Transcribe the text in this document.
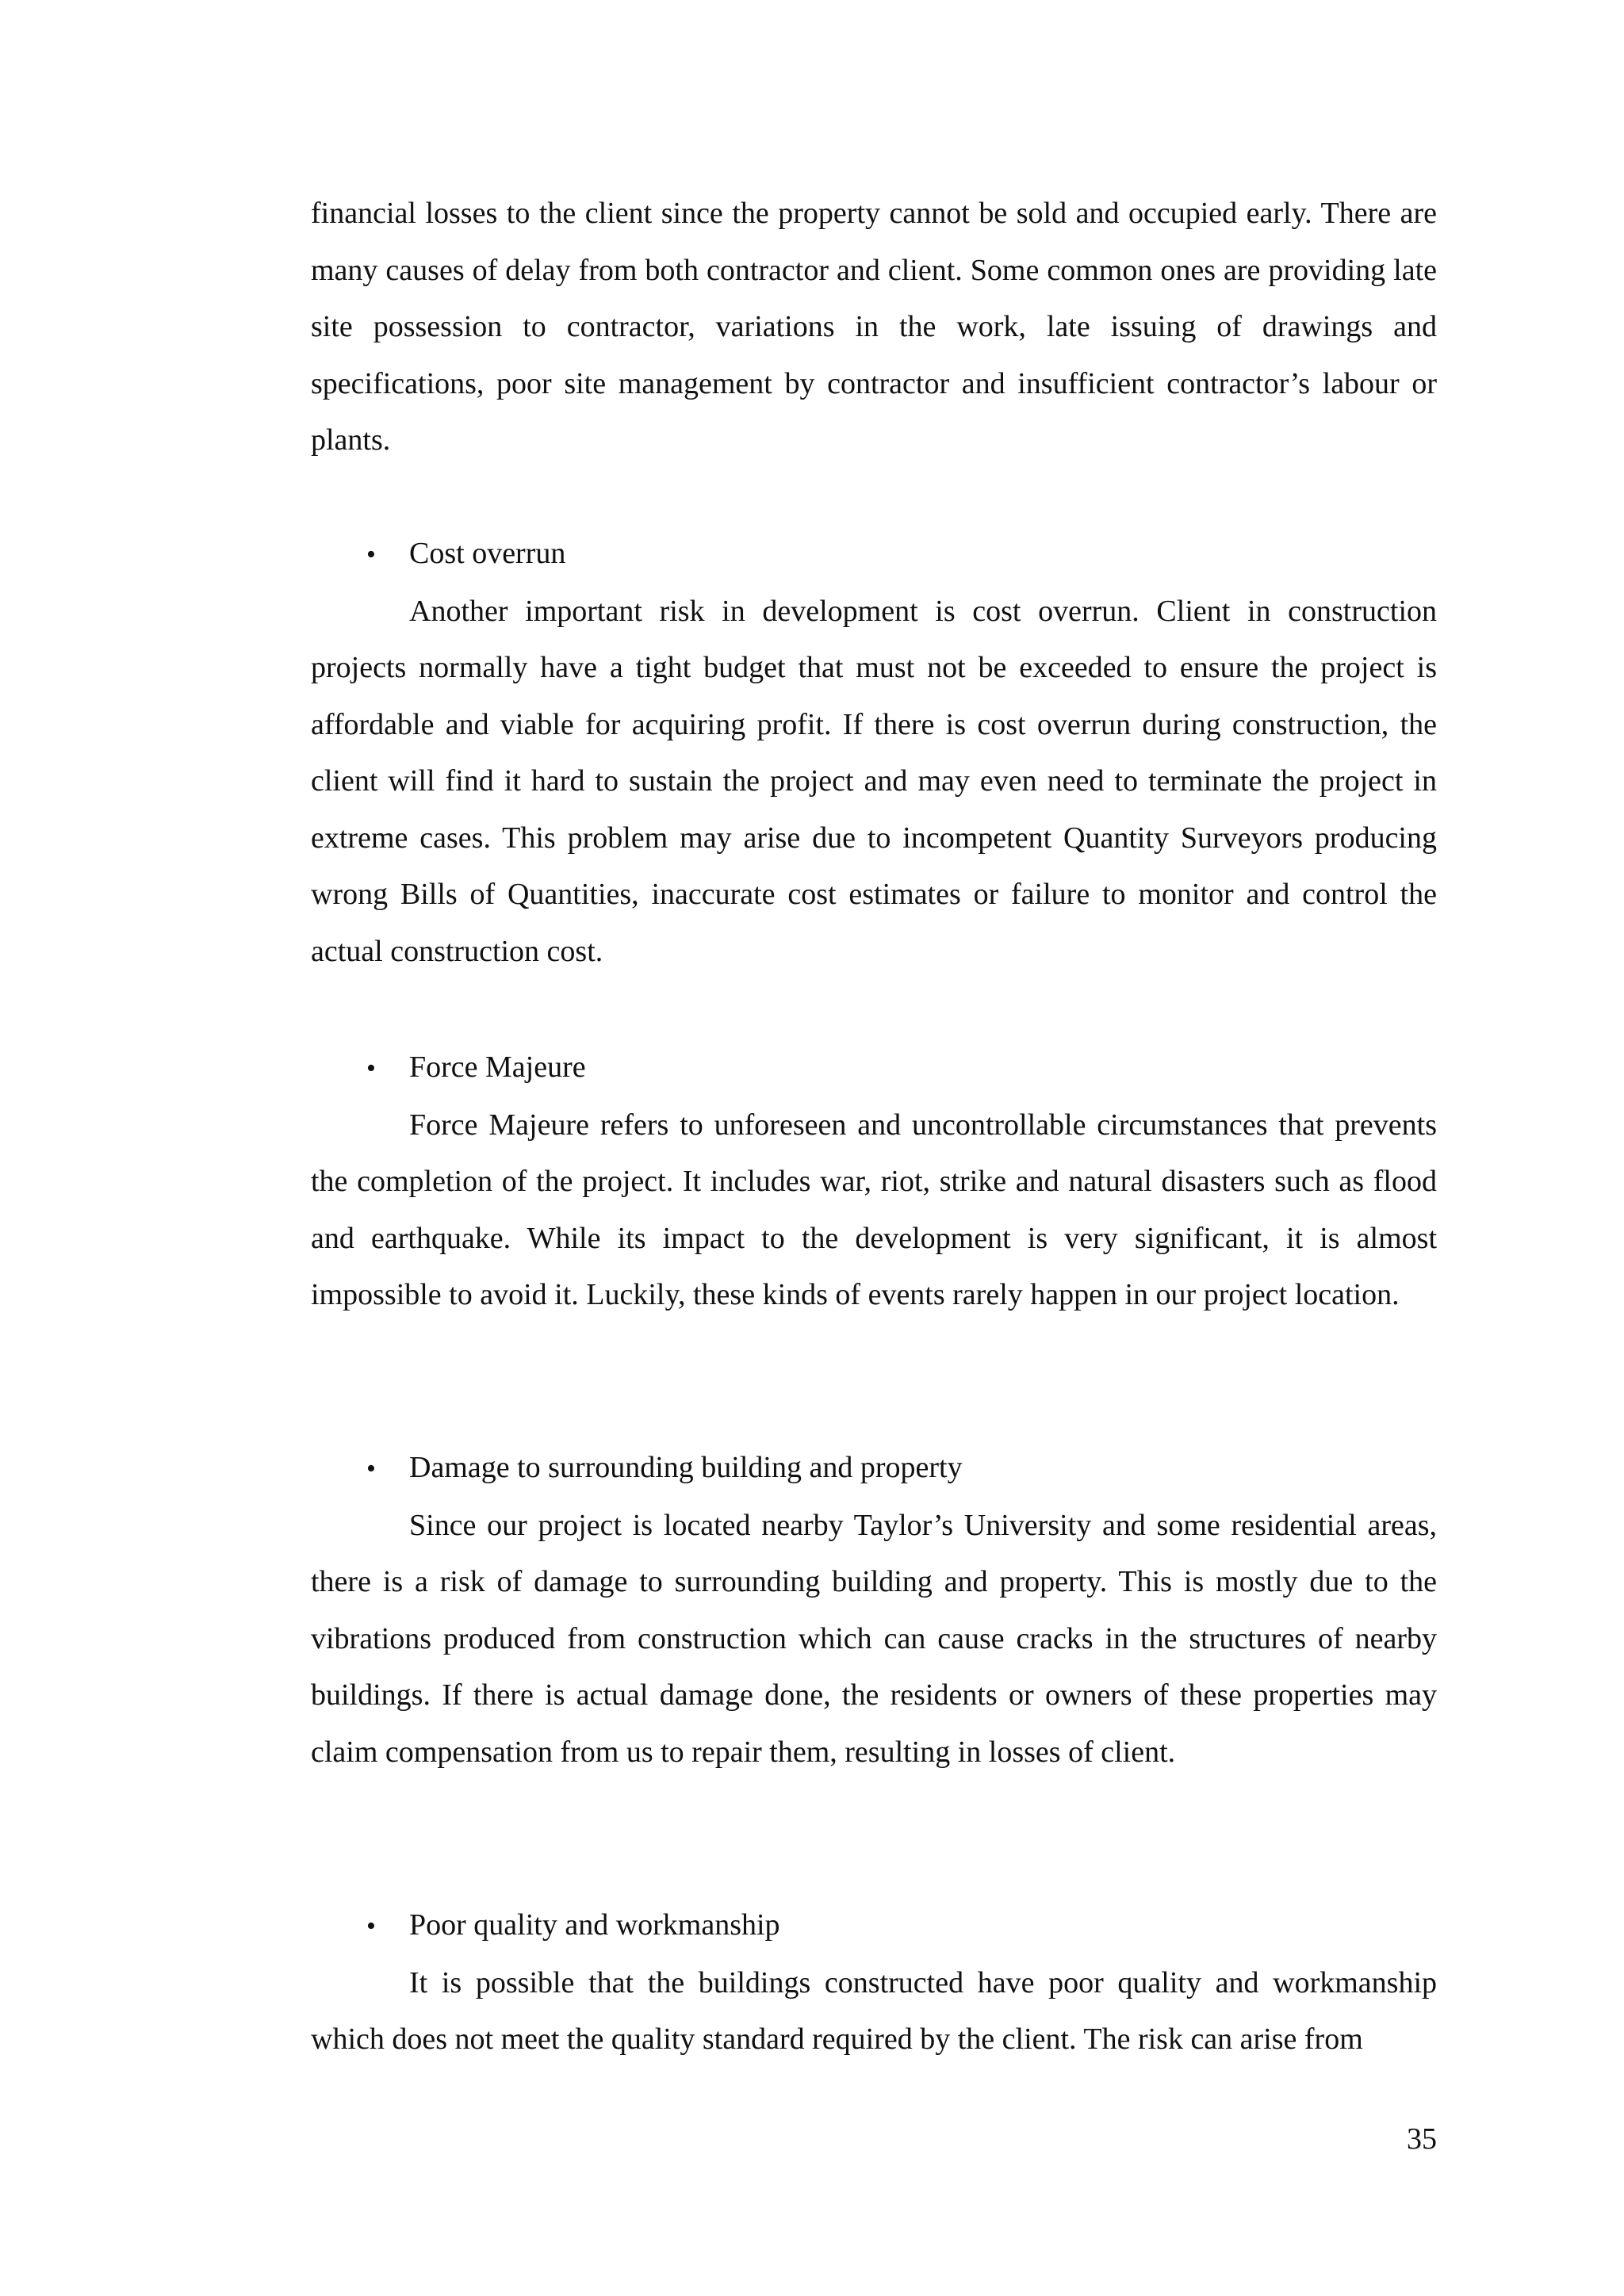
financial losses to the client since the property cannot be sold and occupied early. There are many causes of delay from both contractor and client. Some common ones are providing late site possession to contractor, variations in the work, late issuing of drawings and specifications, poor site management by contractor and insufficient contractor’s labour or plants.

•	Cost overrun

Another important risk in development is cost overrun. Client in construction projects normally have a tight budget that must not be exceeded to ensure the project is affordable and viable for acquiring profit. If there is cost overrun during construction, the client will find it hard to sustain the project and may even need to terminate the project in extreme cases. This problem may arise due to incompetent Quantity Surveyors producing wrong Bills of Quantities, inaccurate cost estimates or failure to monitor and control the actual construction cost.

•	Force Majeure

Force Majeure refers to unforeseen and uncontrollable circumstances that prevents the completion of the project. It includes war, riot, strike and natural disasters such as flood and earthquake. While its impact to the development is very significant, it is almost impossible to avoid it. Luckily, these kinds of events rarely happen in our project location.

•	Damage to surrounding building and property

Since our project is located nearby Taylor’s University and some residential areas, there is a risk of damage to surrounding building and property. This is mostly due to the vibrations produced from construction which can cause cracks in the structures of nearby buildings. If there is actual damage done, the residents or owners of these properties may claim compensation from us to repair them, resulting in losses of client.

•	Poor quality and workmanship

It is possible that the buildings constructed have poor quality and workmanship which does not meet the quality standard required by the client. The risk can arise from

35
